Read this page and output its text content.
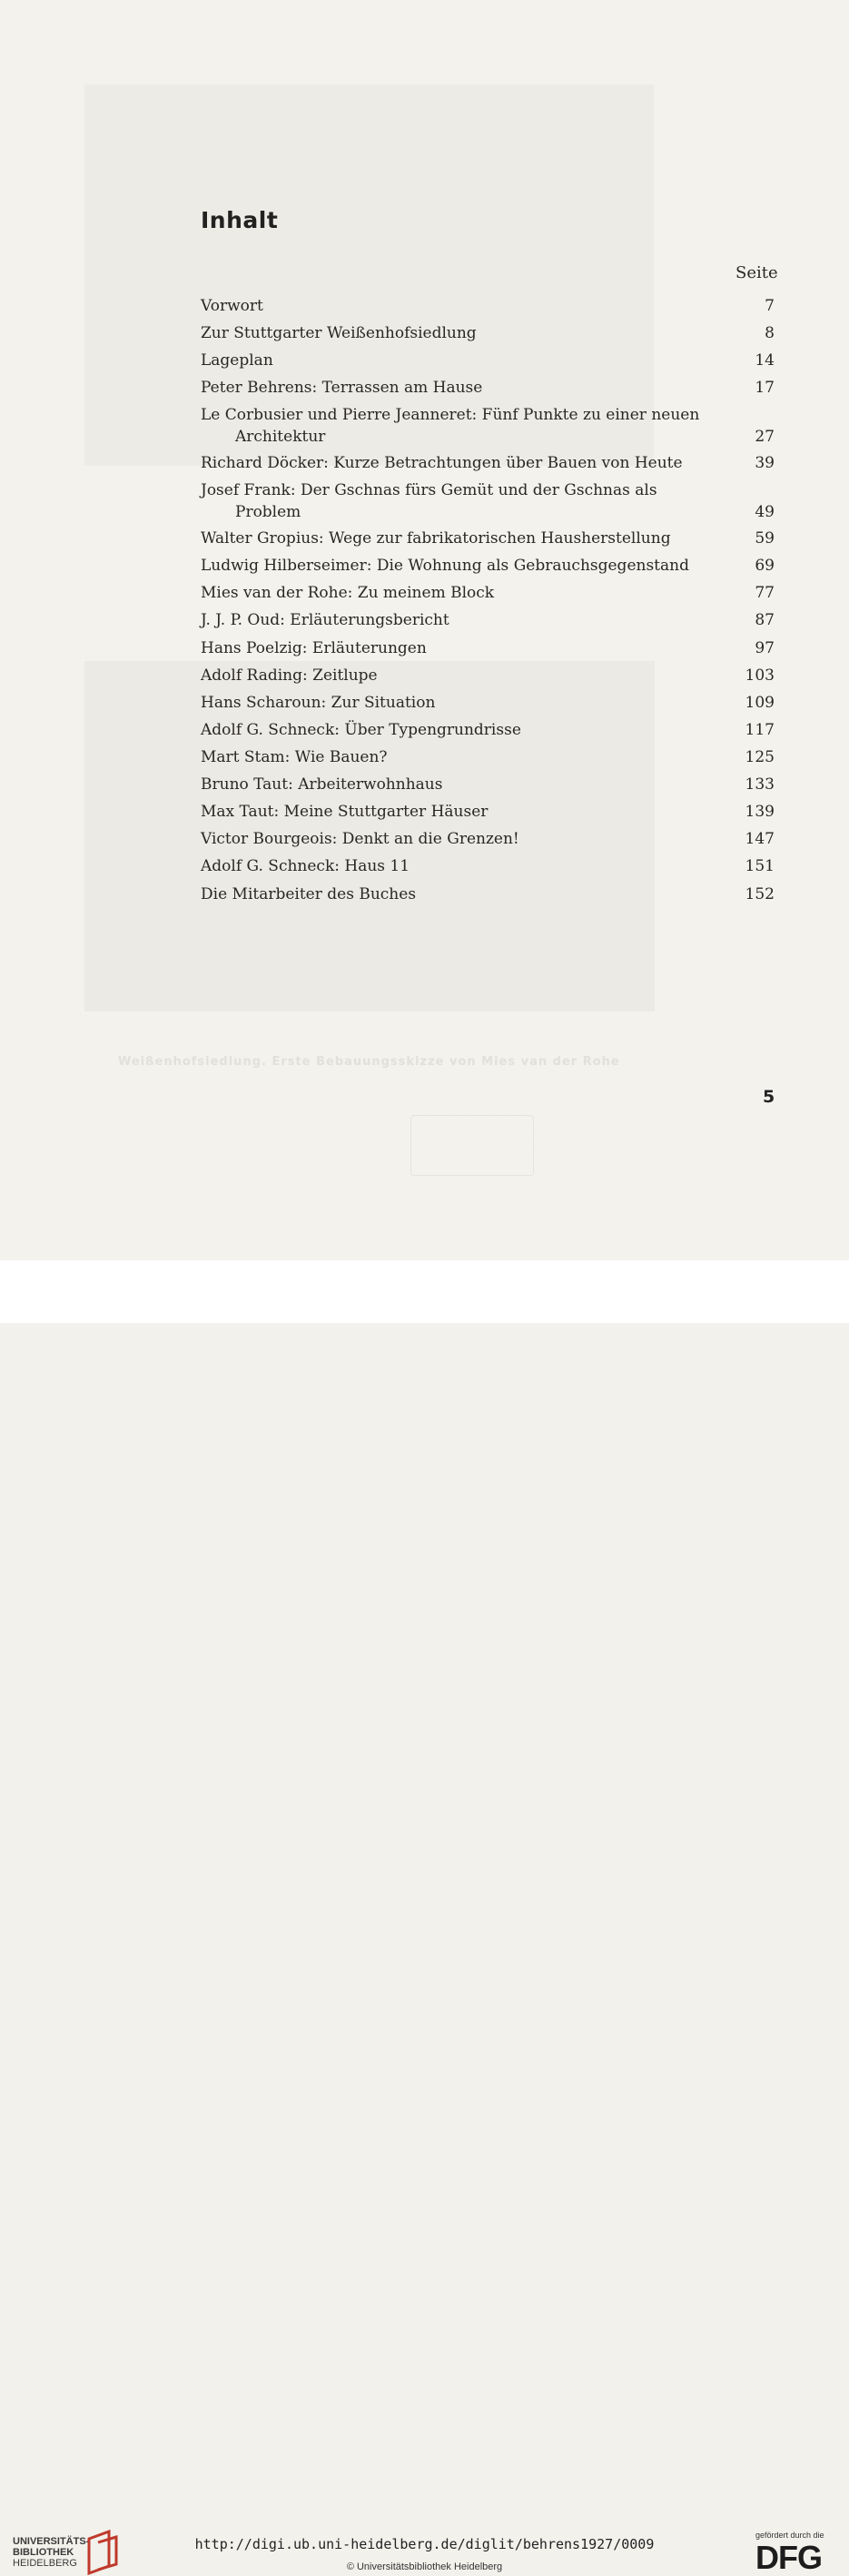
Inhalt
Seite
Vorwort	7
Zur Stuttgarter Weißenhofsiedlung	8
Lageplan	14
Peter Behrens: Terrassen am Hause	17
Le Corbusier und Pierre Jeanneret: Fünf Punkte zu einer neuen
Architektur	27
Richard Döcker: Kurze Betrachtungen über Bauen von Heute	39
Josef Frank: Der Gschnas fürs Gemüt und der Gschnas als
Problem	49
Walter Gropius: Wege zur fabrikatorischen Hausherstellung	59
Ludwig Hilberseimer: Die Wohnung als Gebrauchsgegenstand	69
Mies van der Rohe: Zu meinem Block	77
J. J. P. Oud: Erläuterungsbericht	87
Hans Poelzig: Erläuterungen	97
Adolf Rading: Zeitlupe	103
Hans Scharoun: Zur Situation	109
Adolf G. Schneck: Über Typengrundrisse	117
Mart Stam: Wie Bauen?	125
Bruno Taut: Arbeiterwohnhaus	133
Max Taut: Meine Stuttgarter Häuser	139
Victor Bourgeois: Denkt an die Grenzen!	147
Adolf G. Schneck: Haus 11	151
Die Mitarbeiter des Buches	152
Weißenhofsiedlung. Erste Bebauungsskizze von Mies van der Rohe
5
UNIVERSITÄTS-
BIBLIOTHEK
HEIDELBERG
http://digi.ub.uni-heidelberg.de/diglit/behrens1927/0009
© Universitätsbibliothek Heidelberg
gefördert durch die
DFG
